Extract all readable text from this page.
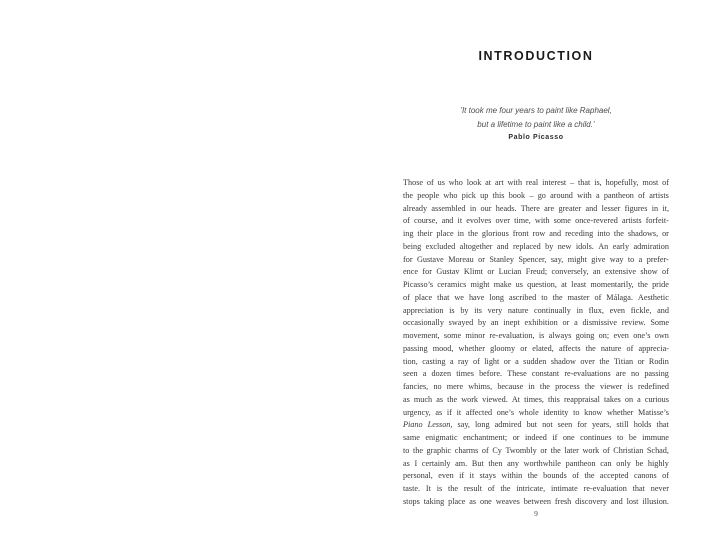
INTRODUCTION
’It took me four years to paint like Raphael,
but a lifetime to paint like a child.’
Pablo Picasso
Those of us who look at art with real interest – that is, hopefully, most of
the people who pick up this book – go around with a pantheon of artists
already assembled in our heads. There are greater and lesser figures in it,
of course, and it evolves over time, with some once-revered artists forfeit-
ing their place in the glorious front row and receding into the shadows, or
being excluded altogether and replaced by new idols. An early admiration
for Gustave Moreau or Stanley Spencer, say, might give way to a prefer-
ence for Gustav Klimt or Lucian Freud; conversely, an extensive show of
Picasso’s ceramics might make us question, at least momentarily, the pride
of place that we have long ascribed to the master of Málaga. Aesthetic
appreciation is by its very nature continually in flux, even fickle, and
occasionally swayed by an inept exhibition or a dismissive review. Some
movement, some minor re-evaluation, is always going on; even one’s own
passing mood, whether gloomy or elated, affects the nature of apprecia-
tion, casting a ray of light or a sudden shadow over the Titian or Rodin
seen a dozen times before. These constant re-evaluations are no passing
fancies, no mere whims, because in the process the viewer is redefined
as much as the work viewed. At times, this reappraisal takes on a curious
urgency, as if it affected one’s whole identity to know whether Matisse’s
Piano Lesson, say, long admired but not seen for years, still holds that
same enigmatic enchantment; or indeed if one continues to be immune
to the graphic charms of Cy Twombly or the later work of Christian Schad,
as I certainly am. But then any worthwhile pantheon can only be highly
personal, even if it stays within the bounds of the accepted canons of
taste. It is the result of the intricate, intimate re-evaluation that never
stops taking place as one weaves between fresh discovery and lost illusion.
9
